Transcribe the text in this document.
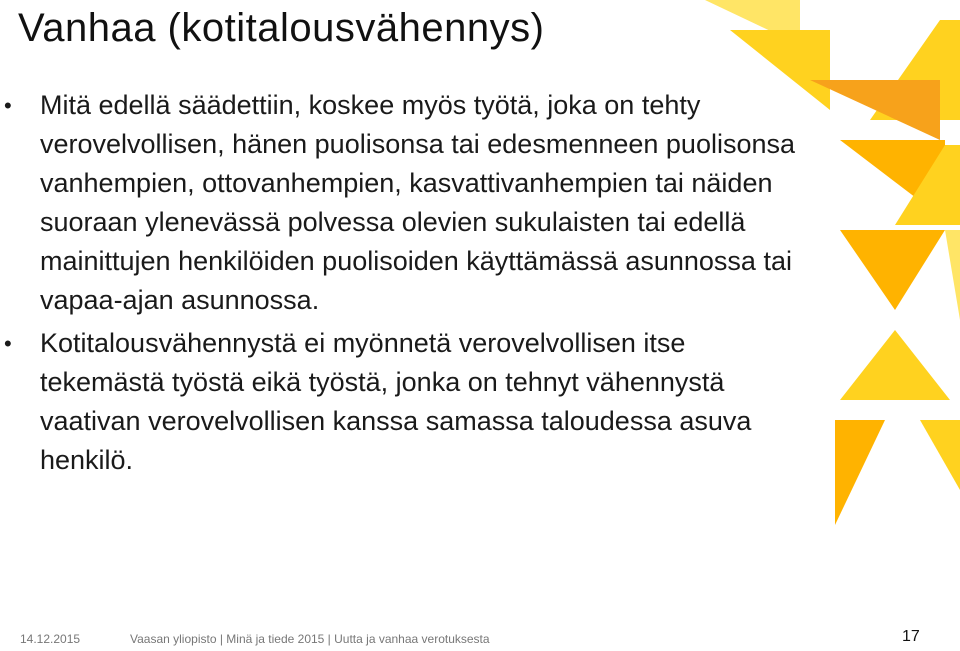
Vanhaa (kotitalousvähennys)
• Mitä edellä säädettiin, koskee myös työtä, joka on tehty verovelvollisen, hänen puolisonsa tai edesmenneen puolisonsa vanhempien, ottovanhempien, kasvattivanhempien tai näiden suoraan ylenevässä polvessa olevien sukulaisten tai edellä mainittujen henkilöiden puolisoiden käyttämässä asunnossa tai vapaa-ajan asunnossa.
• Kotitalousvähennystä ei myönnetä verovelvollisen itse tekemästä työstä eikä työstä, jonka on tehnyt vähennystä vaativan verovelvollisen kanssa samassa taloudessa asuva henkilö.
14.12.2015	Vaasan yliopisto | Minä ja tiede 2015 | Uutta ja vanhaa verotuksesta	17
